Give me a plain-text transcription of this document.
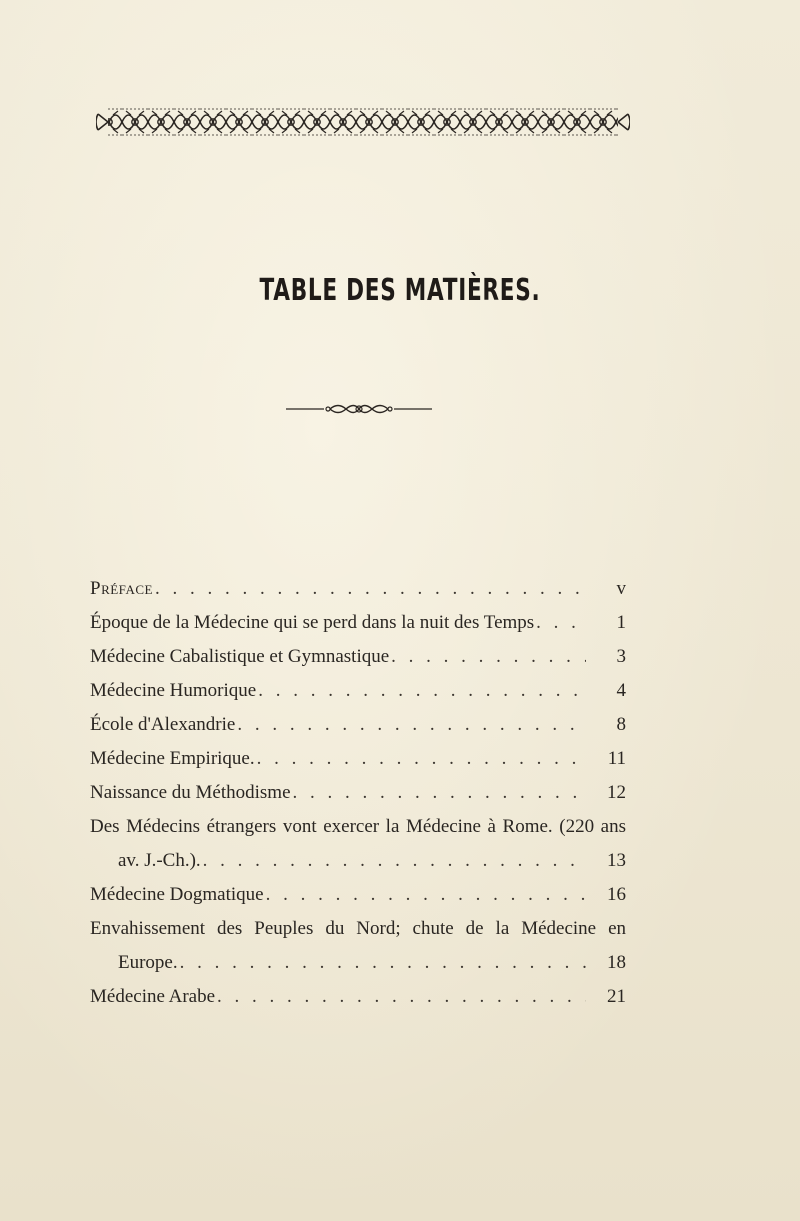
TABLE DES MATIÈRES.
Préface . . .	v
Époque de la Médecine qui se perd dans la nuit des Temps . . .	1
Médecine Cabalistique et Gymnastique . . .	3
Médecine Humorique . . .	4
École d'Alexandrie . . .	8
Médecine Empirique. . . .	11
Naissance du Méthodisme . . .	12
Des Médecins étrangers vont exercer la Médecine à Rome. (220 ans
av. J.-Ch.). . . .	13
Médecine Dogmatique . . .	16
Envahissement des Peuples du Nord; chute de la Médecine en
Europe. . . .	18
Médecine Arabe . . .	21
